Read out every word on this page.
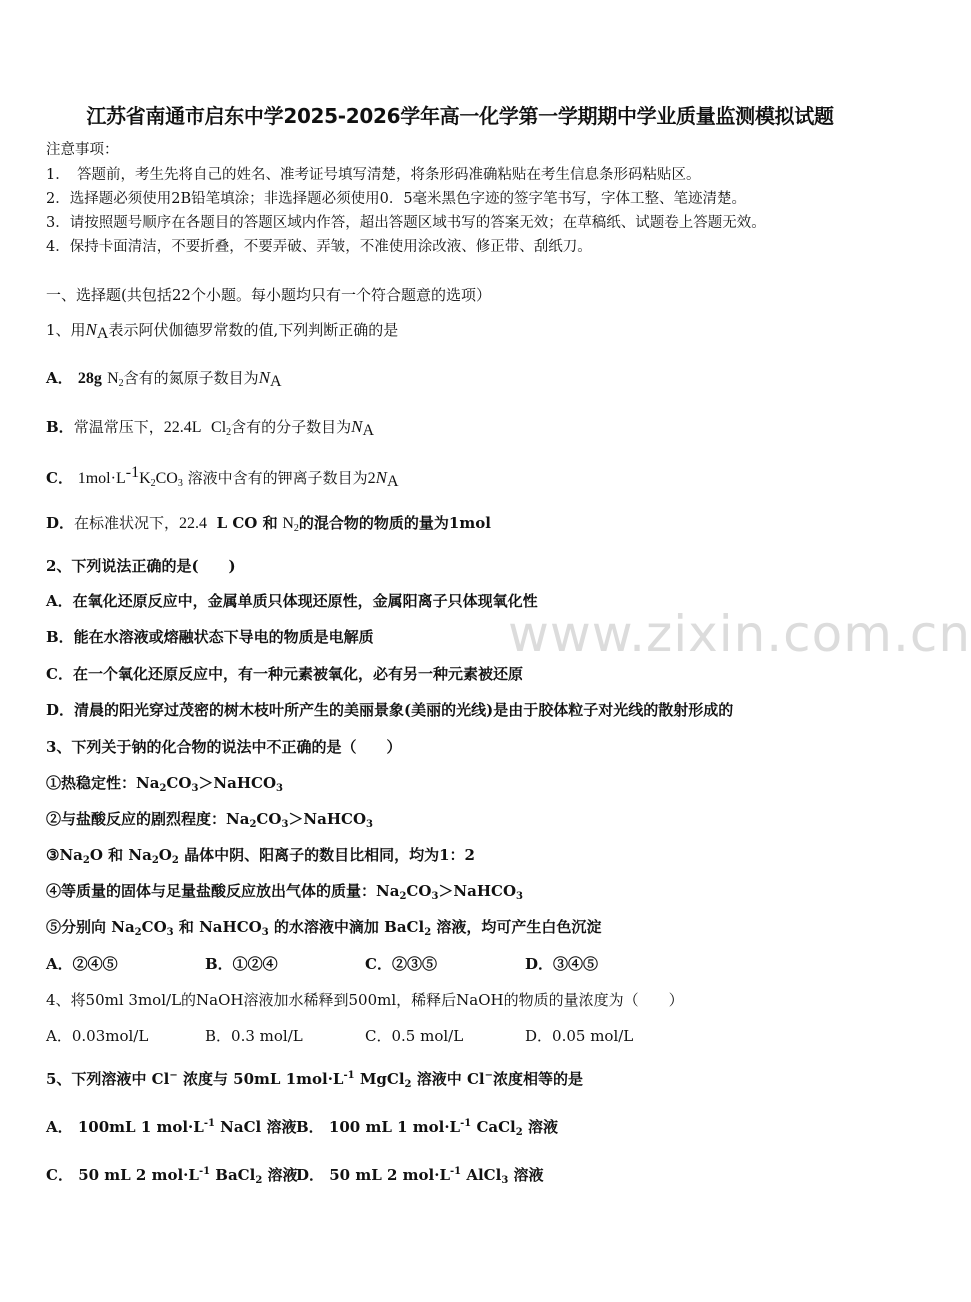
江苏省南通市启东中学2025-2026学年高一化学第一学期期中学业质量监测模拟试题
注意事项：
1．　答题前，考生先将自己的姓名、准考证号填写清楚，将条形码准确粘贴在考生信息条形码粘贴区。
2．选择题必须使用2B铅笔填涂；非选择题必须使用0．5毫米黑色字迹的签字笔书写，字体工整、笔迹清楚。
3．请按照题号顺序在各题目的答题区域内作答，超出答题区域书写的答案无效；在草稿纸、试题卷上答题无效。
4．保持卡面清洁，不要折叠，不要弄破、弄皱，不准使用涂改液、修正带、刮纸刀。
一、选择题(共包括22个小题。每小题均只有一个符合题意的选项）
1、用$N_A$表示阿伏伽德罗常数的值,下列判断正确的是
A． 28g $N_2$含有的氮原子数目为$N_A$
B．常温常压下，22.4L $Cl_2$含有的分子数目为$N_A$
C． $1mol\cdot L^{-1}K_2CO_3$ 溶液中含有的钾离子数目为$2N_A$
D．在标准状况下，22.4 L CO 和 $N_2$的混合物的物质的量为1mol
2、下列说法正确的是(　　)
A．在氧化还原反应中，金属单质只体现还原性，金属阳离子只体现氧化性
B．能在水溶液或熔融状态下导电的物质是电解质
C．在一个氧化还原反应中，有一种元素被氧化，必有另一种元素被还原
D．清晨的阳光穿过茂密的树木枝叶所产生的美丽景象(美丽的光线)是由于胶体粒子对光线的散射形成的
www.zixin.com.cn
3、下列关于钠的化合物的说法中不正确的是（　　）
①热稳定性：$Na_2CO_3>NaHCO_3$
②与盐酸反应的剧烈程度：$Na_2CO_3>NaHCO_3$
$③Na_2O$ 和 $Na_2O_2$ 晶体中阴、阳离子的数目比相同，均为1：2
④等质量的固体与足量盐酸反应放出气体的质量：$Na_2CO_3>NaHCO_3$
⑤分别向 $Na_2CO_3$ 和 NaHCO$_3$ 的水溶液中滴加 BaCl$_2$ 溶液，均可产生白色沉淀
A．②④⑤	B．①②④	C．②③⑤	D．③④⑤
4、将50ml 3mol/L的NaOH溶液加水稀释到500ml，稀释后NaOH的物质的量浓度为（　　）
A．0.03mol/L	B．0.3 mol/L	C．0.5 mol/L	D．0.05 mol/L
5、下列溶液中 Cl− 浓度与 50mL $1mol\cdot L^{-1}$ MgCl$_2$ 溶液中 Cl−浓度相等的是
A． 100mL 1 $mol\cdot L^{-1}$ NaCl 溶液 B． 100 mL 1 $mol\cdot L^{-1}$ CaCl$_2$ 溶液
C． 50 mL 2 $mol\cdot L^{-1}$ BaCl$_2$ 溶液
D． 50 mL 2 $mol\cdot L^{-1}$ AlCl$_3$ 溶液
